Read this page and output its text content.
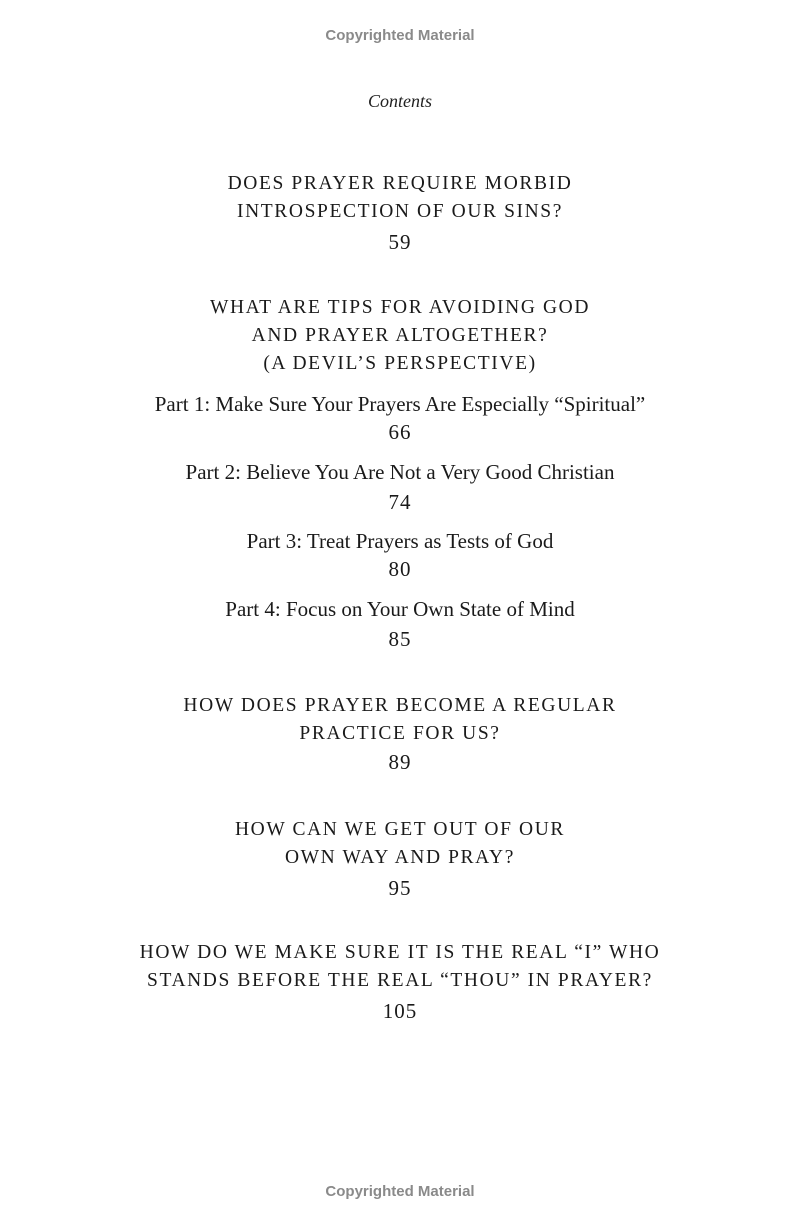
Copyrighted Material
Contents
DOES PRAYER REQUIRE MORBID
INTROSPECTION OF OUR SINS?
59
WHAT ARE TIPS FOR AVOIDING GOD
AND PRAYER ALTOGETHER?
(A DEVIL’S PERSPECTIVE)
Part 1: Make Sure Your Prayers Are Especially “Spiritual”
66
Part 2: Believe You Are Not a Very Good Christian
74
Part 3: Treat Prayers as Tests of God
80
Part 4: Focus on Your Own State of Mind
85
HOW DOES PRAYER BECOME A REGULAR
PRACTICE FOR US?
89
HOW CAN WE GET OUT OF OUR
OWN WAY AND PRAY?
95
HOW DO WE MAKE SURE IT IS THE REAL “I” WHO
STANDS BEFORE THE REAL “THOU” IN PRAYER?
105
Copyrighted Material
